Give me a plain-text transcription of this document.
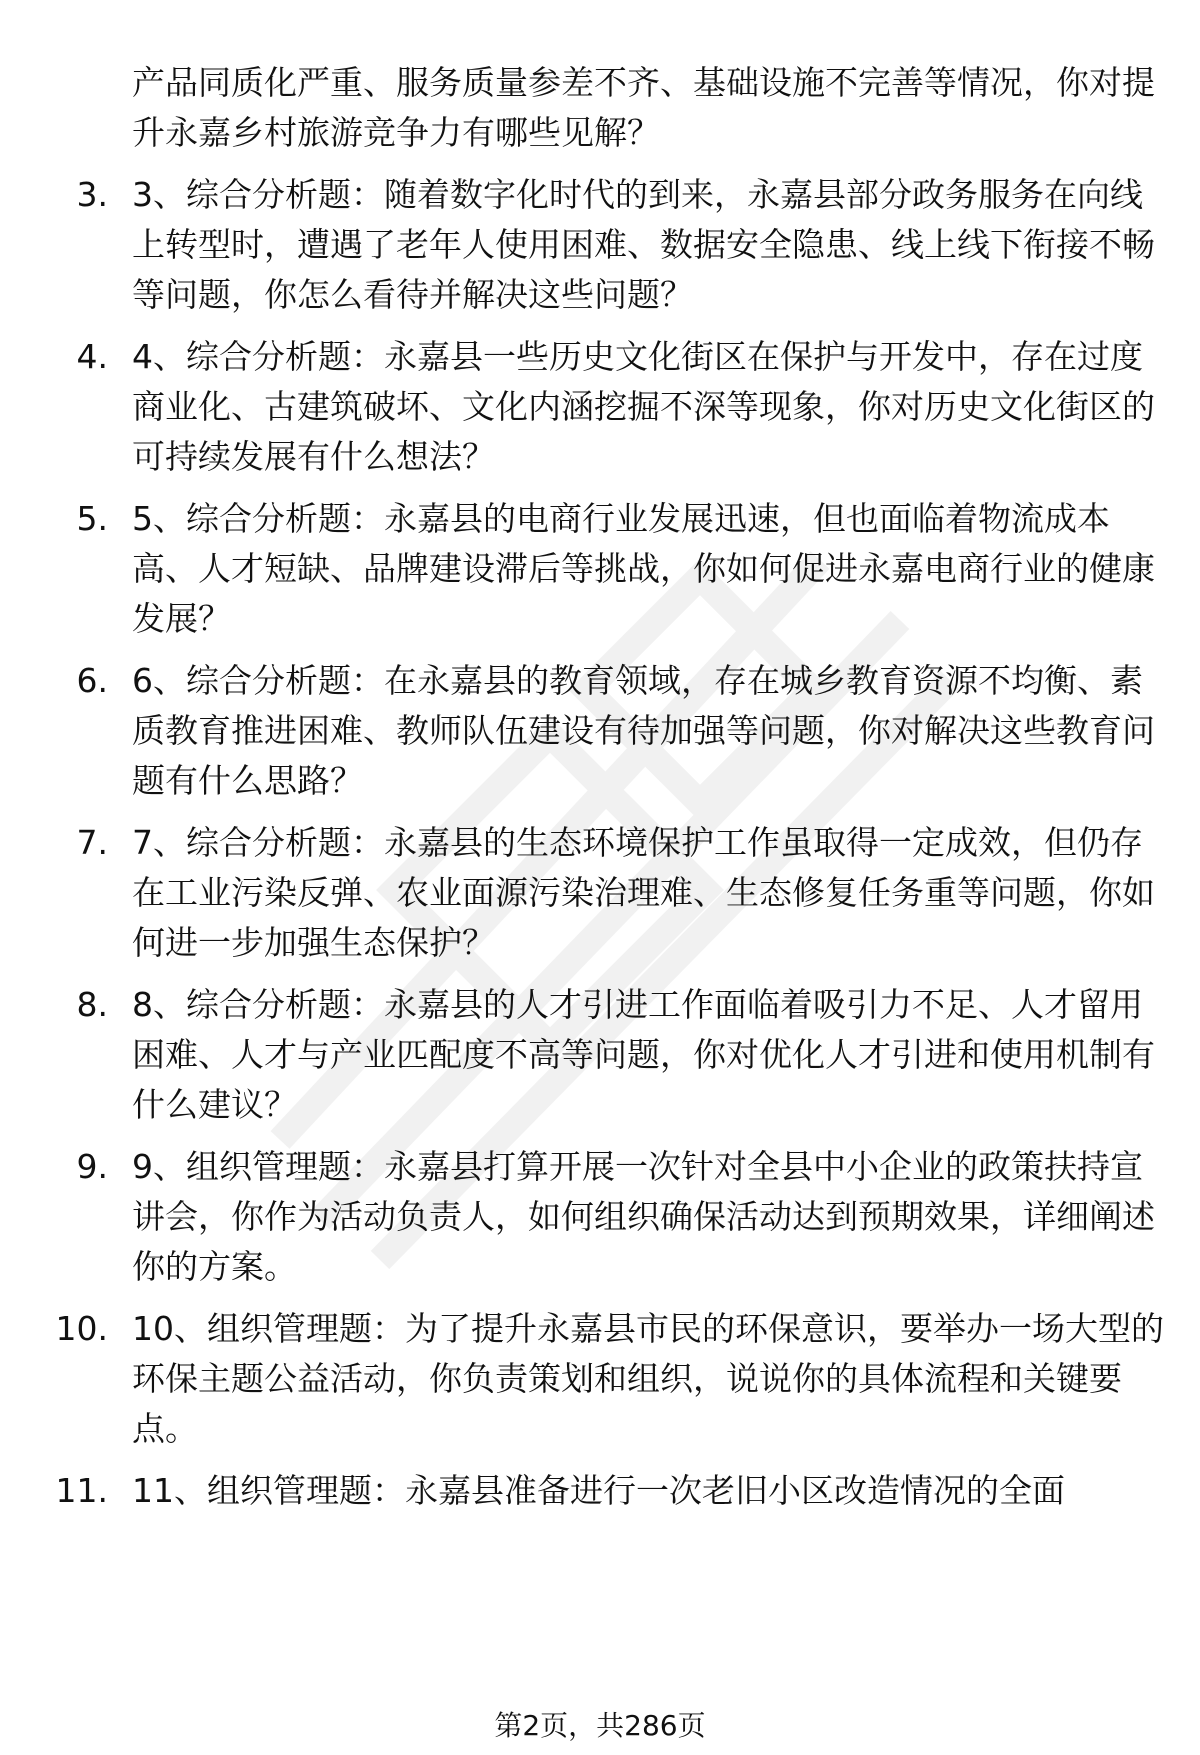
产品同质化严重、服务质量参差不齐、基础设施不完善等情况，你对提升永嘉乡村旅游竞争力有哪些见解？
3. 3、综合分析题：随着数字化时代的到来，永嘉县部分政务服务在向线上转型时，遭遇了老年人使用困难、数据安全隐患、线上线下衔接不畅等问题，你怎么看待并解决这些问题？
4. 4、综合分析题：永嘉县一些历史文化街区在保护与开发中，存在过度商业化、古建筑破坏、文化内涵挖掘不深等现象，你对历史文化街区的可持续发展有什么想法？
5. 5、综合分析题：永嘉县的电商行业发展迅速，但也面临着物流成本高、人才短缺、品牌建设滞后等挑战，你如何促进永嘉电商行业的健康发展？
6. 6、综合分析题：在永嘉县的教育领域，存在城乡教育资源不均衡、素质教育推进困难、教师队伍建设有待加强等问题，你对解决这些教育问题有什么思路？
7. 7、综合分析题：永嘉县的生态环境保护工作虽取得一定成效，但仍存在工业污染反弹、农业面源污染治理难、生态修复任务重等问题，你如何进一步加强生态保护？
8. 8、综合分析题：永嘉县的人才引进工作面临着吸引力不足、人才留用困难、人才与产业匹配度不高等问题，你对优化人才引进和使用机制有什么建议？
9. 9、组织管理题：永嘉县打算开展一次针对全县中小企业的政策扶持宣讲会，你作为活动负责人，如何组织确保活动达到预期效果，详细阐述你的方案。
10. 10、组织管理题：为了提升永嘉县市民的环保意识，要举办一场大型的环保主题公益活动，你负责策划和组织，说说你的具体流程和关键要点。
11. 11、组织管理题：永嘉县准备进行一次老旧小区改造情况的全面
第2页，共286页
